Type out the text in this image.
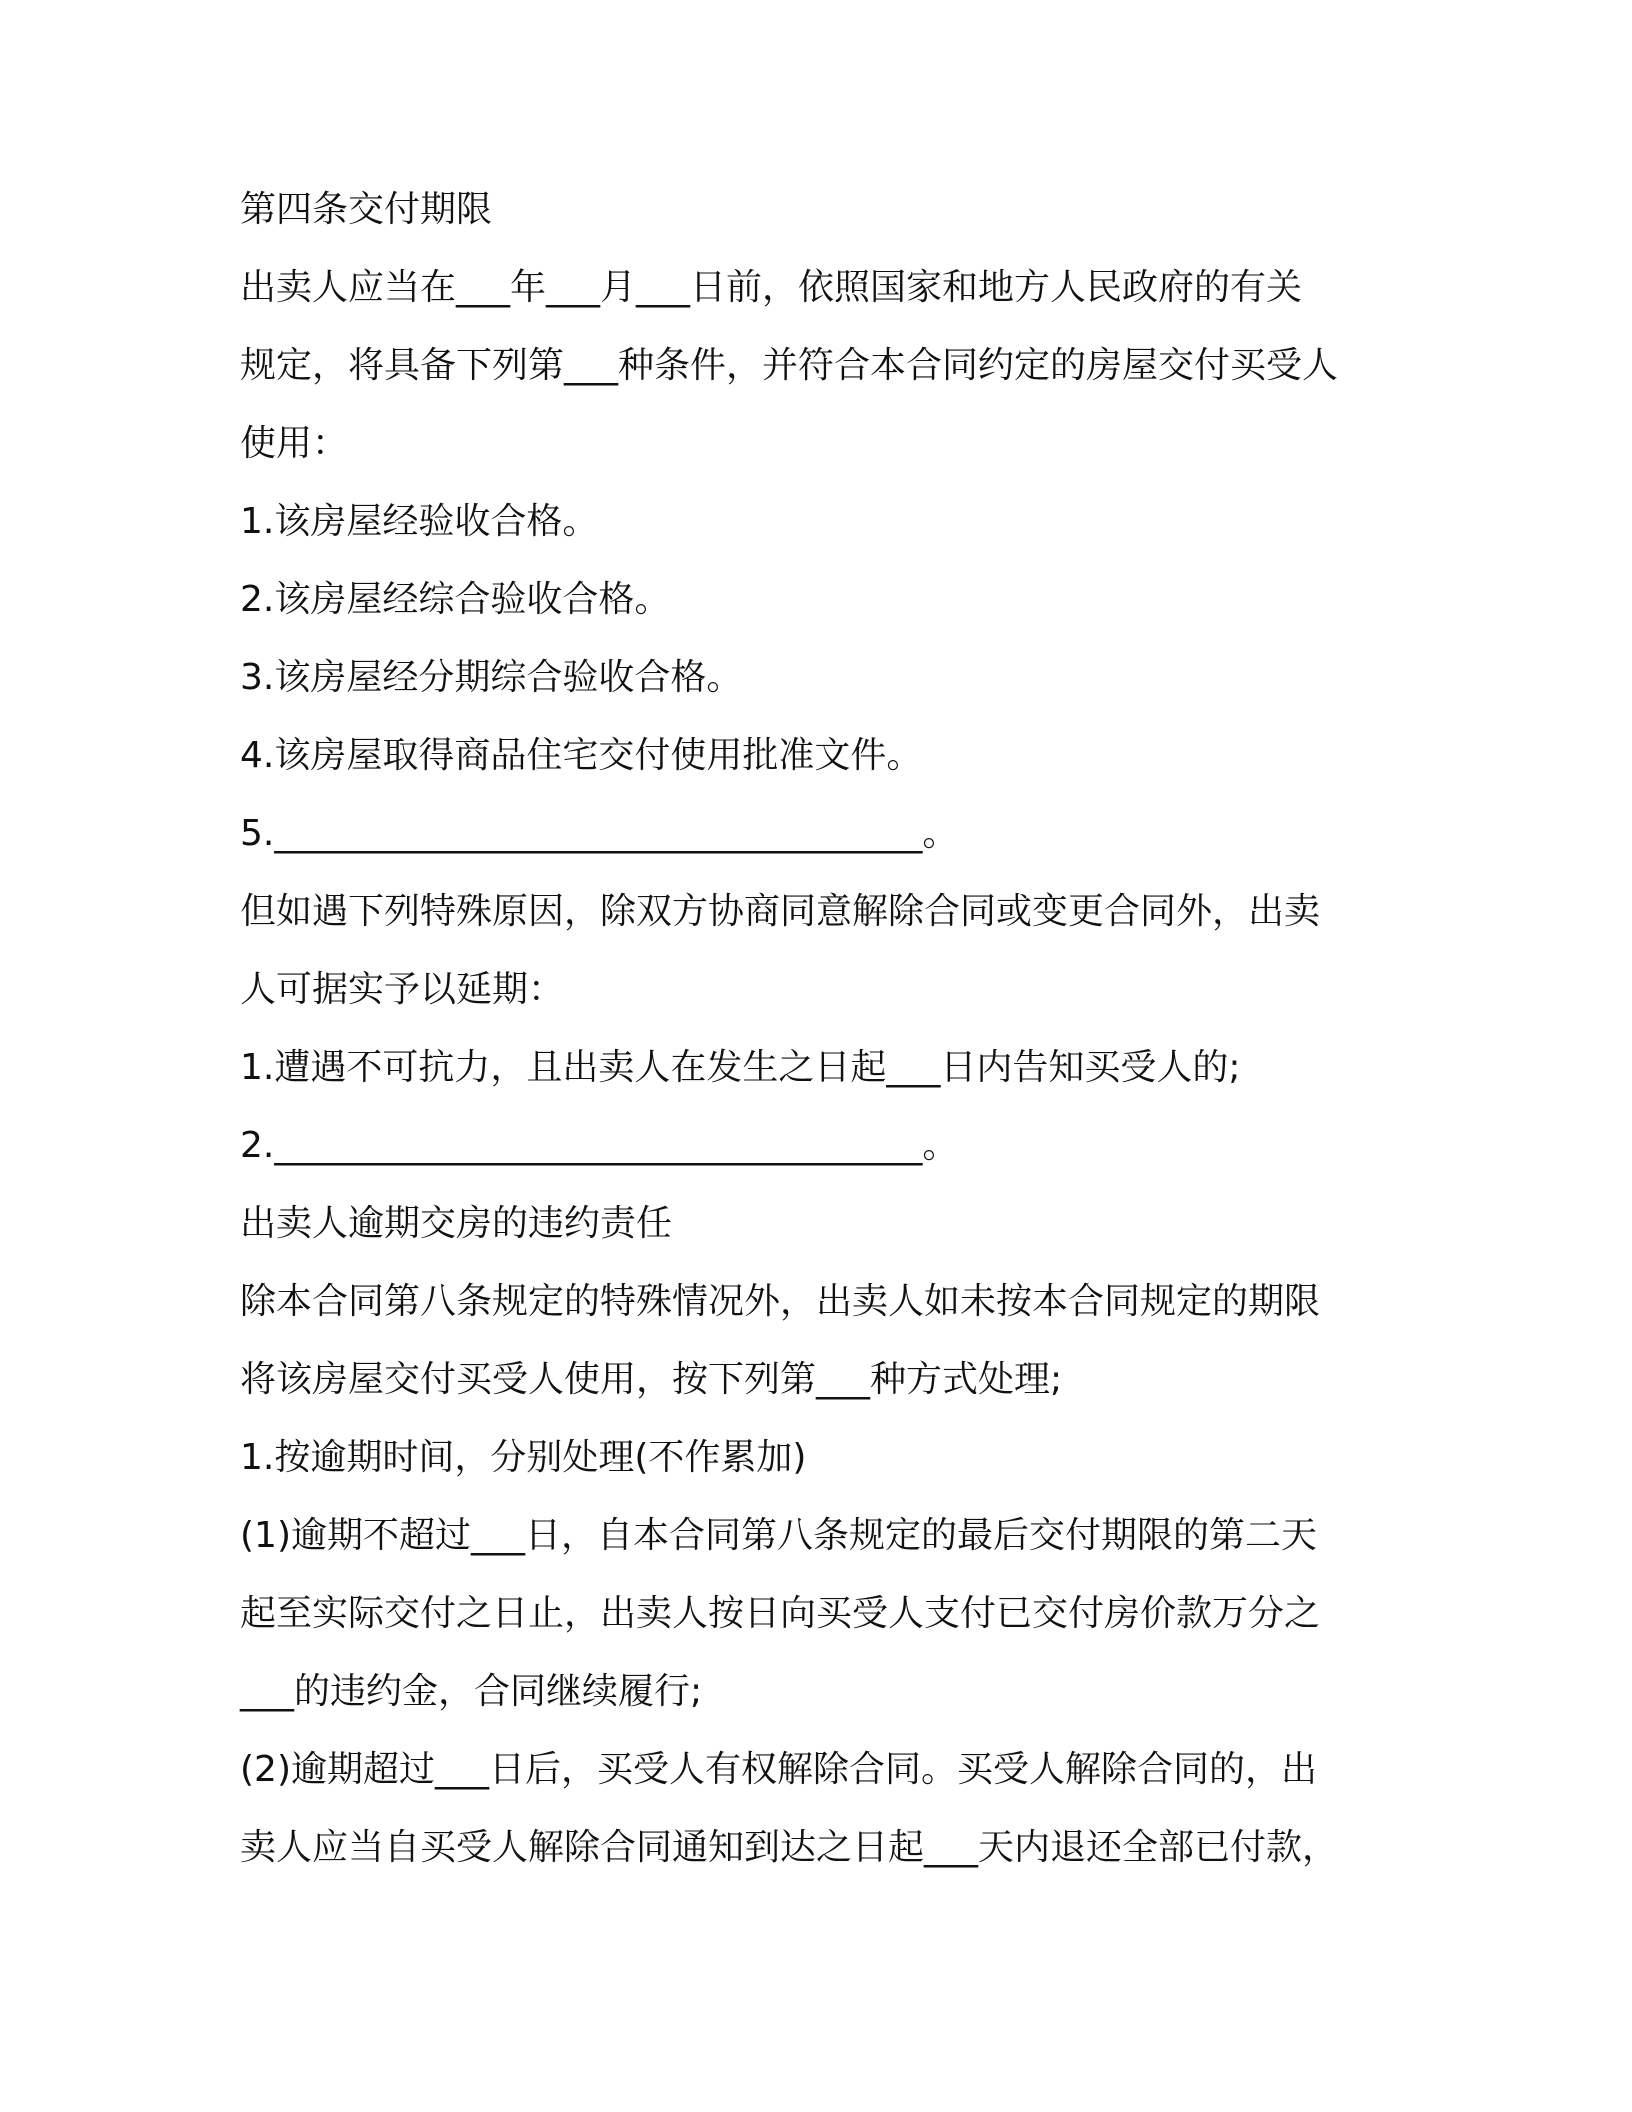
第四条交付期限
出卖人应当在___年___月___日前，依照国家和地方人民政府的有关
规定，将具备下列第___种条件，并符合本合同约定的房屋交付买受人
使用：
1.该房屋经验收合格。
2.该房屋经综合验收合格。
3.该房屋经分期综合验收合格。
4.该房屋取得商品住宅交付使用批准文件。
5.____________________________________。
但如遇下列特殊原因，除双方协商同意解除合同或变更合同外，出卖
人可据实予以延期：
1.遭遇不可抗力，且出卖人在发生之日起___日内告知买受人的;
2.____________________________________。
出卖人逾期交房的违约责任
除本合同第八条规定的特殊情况外，出卖人如未按本合同规定的期限
将该房屋交付买受人使用，按下列第___种方式处理;
1.按逾期时间，分别处理(不作累加)
(1)逾期不超过___日，自本合同第八条规定的最后交付期限的第二天
起至实际交付之日止，出卖人按日向买受人支付已交付房价款万分之
___的违约金，合同继续履行;
(2)逾期超过___日后，买受人有权解除合同。买受人解除合同的，出
卖人应当自买受人解除合同通知到达之日起___天内退还全部已付款，
